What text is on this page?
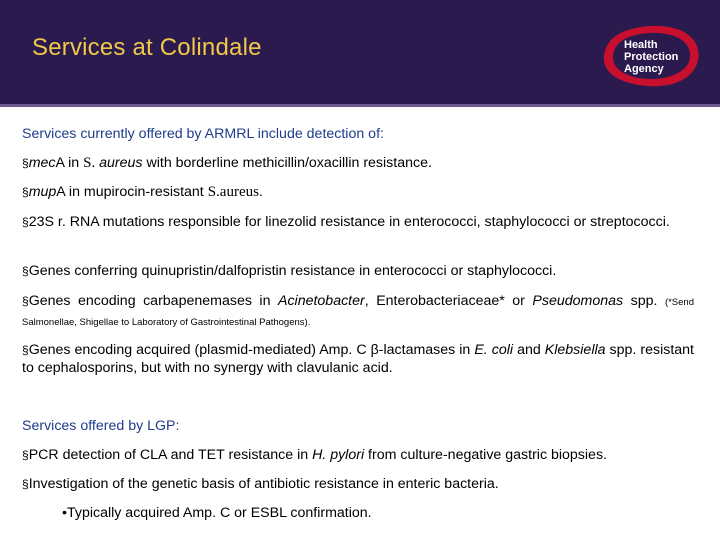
Services at Colindale	Health
Protection
Agency
Services currently offered by ARMRL include detection of:
§mecA in S. aureus with borderline methicillin/oxacillin resistance.
§mupA in mupirocin-resistant S.aureus.
§23S r. RNA mutations responsible for linezolid resistance in enterococci, staphylococci or streptococci.
§Genes conferring quinupristin/dalfopristin resistance in enterococci or staphylococci.
§Genes encoding carbapenemases in Acinetobacter, Enterobacteriaceae* or Pseudomonas spp. (*Send Salmonellae, Shigellae to Laboratory of Gastrointestinal Pathogens).
§Genes encoding acquired (plasmid-mediated) Amp. C β-lactamases in E. coli and Klebsiella spp. resistant to cephalosporins, but with no synergy with clavulanic acid.
Services offered by LGP:
§PCR detection of CLA and TET resistance in H. pylori from culture-negative gastric biopsies.
§Investigation of the genetic basis of antibiotic resistance in enteric bacteria.
•Typically acquired Amp. C or ESBL confirmation.
